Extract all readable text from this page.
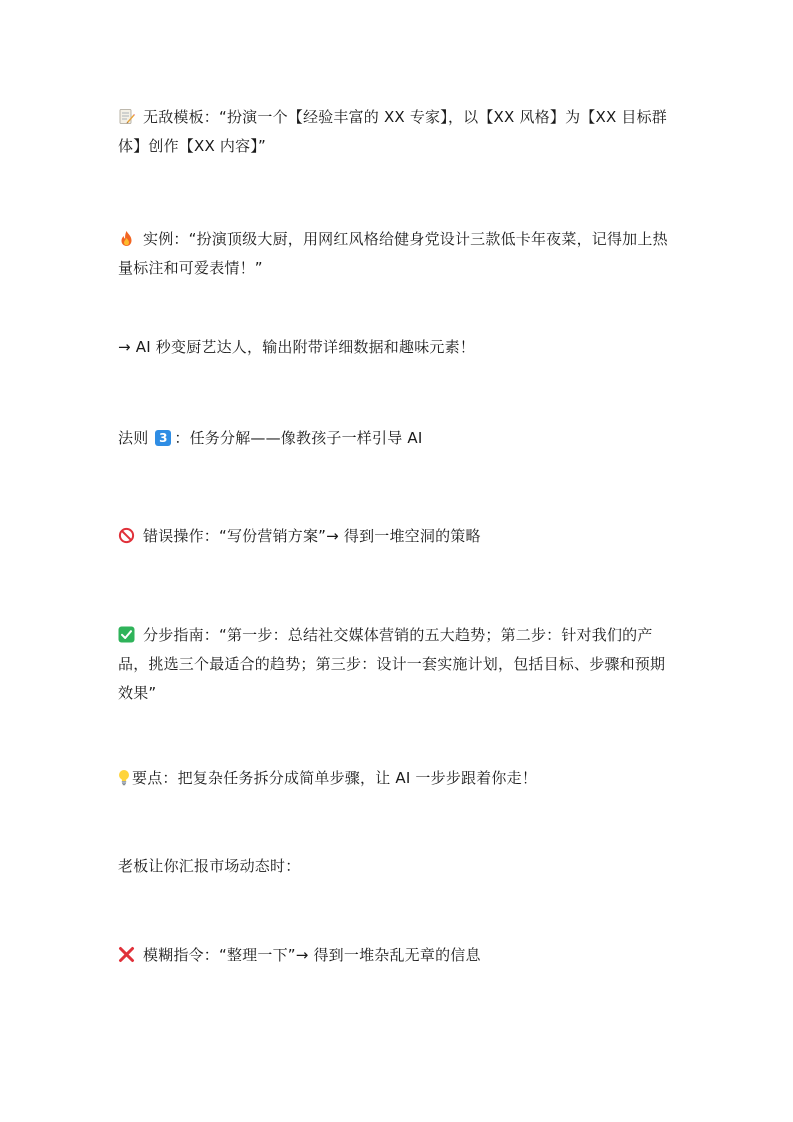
无敌模板：“扮演一个【经验丰富的 XX 专家】，以【XX 风格】为【XX 目标群体】创作【XX 内容】”
实例：“扮演顶级大厨，用网红风格给健身党设计三款低卡年夜菜，记得加上热量标注和可爱表情！”
→ AI 秒变厨艺达人，输出附带详细数据和趣味元素！
法则 3 ：任务分解——像教孩子一样引导 AI
错误操作：“写份营销方案”→ 得到一堆空洞的策略
分步指南：“第一步：总结社交媒体营销的五大趋势；第二步：针对我们的产品，挑选三个最适合的趋势；第三步：设计一套实施计划，包括目标、步骤和预期效果”
要点：把复杂任务拆分成简单步骤，让 AI 一步步跟着你走！
老板让你汇报市场动态时：
模糊指令：“整理一下”→ 得到一堆杂乱无章的信息
